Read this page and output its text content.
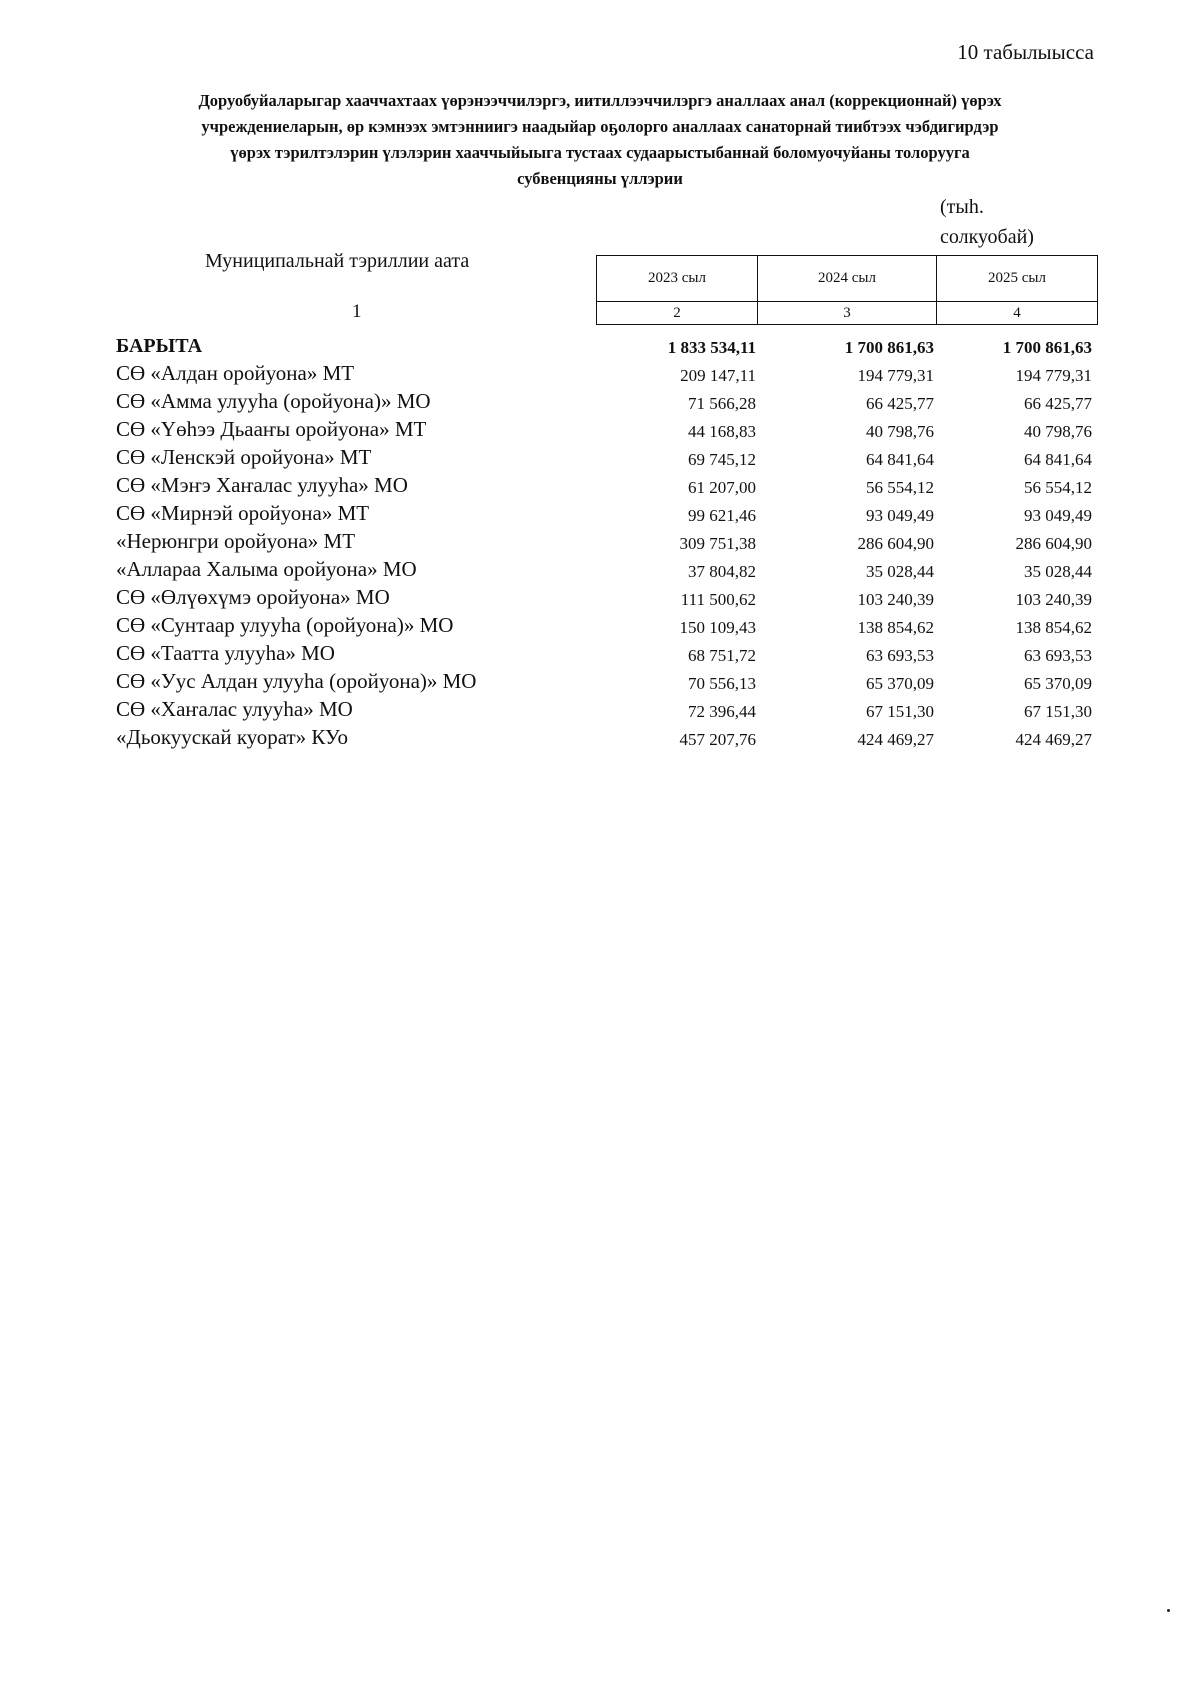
10 табылыысса
Доруобуйаларыгар хааччахтаах үөрэнээччилэргэ, иитиллээччилэргэ аналлаах анал (коррекционнай) үөрэх
учреждениеларын, өр кэмнээх эмтэнниигэ наадыйар оҕолорго аналлаах санаторнай тиибтээх чэбдигирдэр
үөрэх тэрилтэлэрин үлэлэрин хааччыйыыга тустаах судаарыстыбаннай боломуочуйаны толорууга
субвенцияны үллэрии
(тыһ.
солкуобай)
Муниципальнай тэриллии аата
1
2023 сыл	2024 сыл	2025 сыл
2	3	4
БАРЫТА	1 833 534,11	1 700 861,63	1 700 861,63
СӨ «Алдан оройуона» МТ	209 147,11	194 779,31	194 779,31
СӨ «Амма улууһа (оройуона)» МО	71 566,28	66 425,77	66 425,77
СӨ «Үөһээ Дьааҥы оройуона» МТ	44 168,83	40 798,76	40 798,76
СӨ «Ленскэй оройуона» МТ	69 745,12	64 841,64	64 841,64
СӨ «Мэҥэ Хаҥалас улууһа» МО	61 207,00	56 554,12	56 554,12
СӨ «Мирнэй оройуона» МТ	99 621,46	93 049,49	93 049,49
«Нерюнгри оройуона» МТ	309 751,38	286 604,90	286 604,90
«Аллараа Халыма оройуона» МО	37 804,82	35 028,44	35 028,44
СӨ «Өлүөхүмэ оройуона» МО	111 500,62	103 240,39	103 240,39
СӨ «Сунтаар улууһа (оройуона)» МО	150 109,43	138 854,62	138 854,62
СӨ «Таатта улууһа» МО	68 751,72	63 693,53	63 693,53
СӨ «Уус Алдан улууһа (оройуона)» МО	70 556,13	65 370,09	65 370,09
СӨ «Хаҥалас улууһа» МО	72 396,44	67 151,30	67 151,30
«Дьокуускай куорат» КУо	457 207,76	424 469,27	424 469,27
